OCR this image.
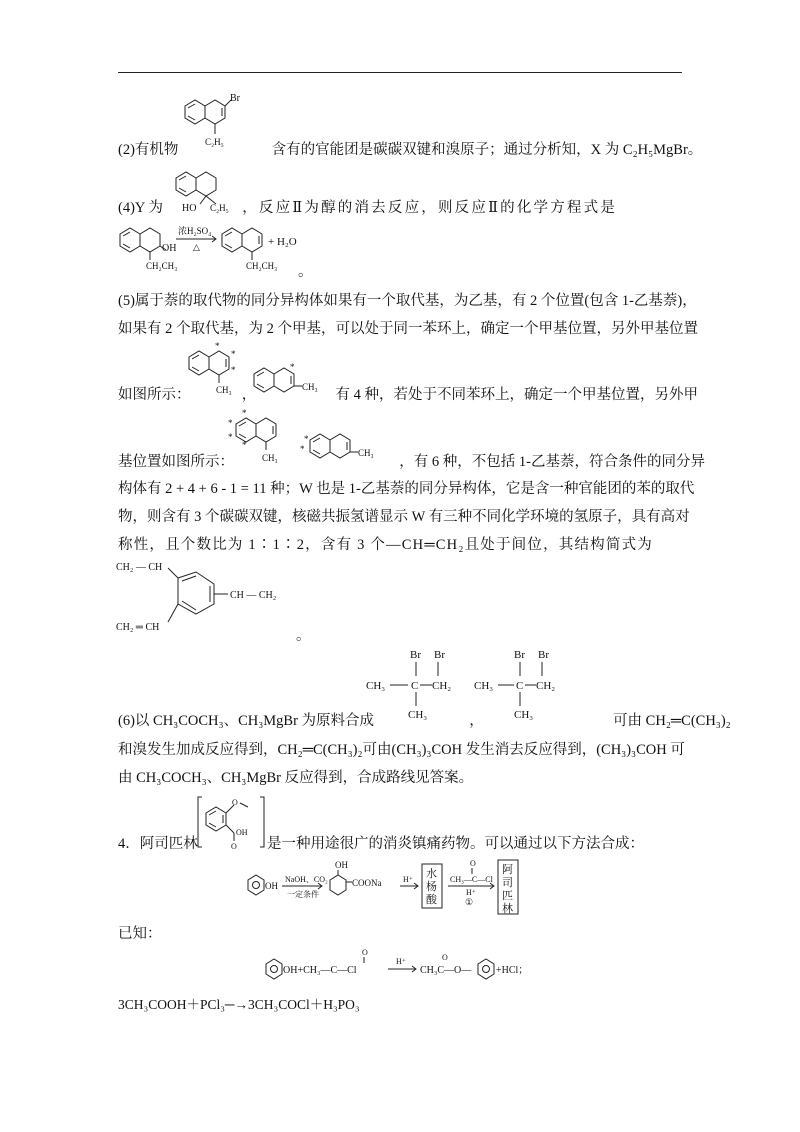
Br
C₂H₅
(2)有机物	含有的官能团是碳碳双键和溴原子；通过分析知，X 为 C₂H₅MgBr。
HO C₂H₅
(4)Y 为	，反应Ⅱ为醇的消去反应，则反应Ⅱ的化学方程式是
OH
CH₂CH₃
浓H₂SO₄
△
CH₂CH₃
+ H₂O
。
(5)属于萘的取代物的同分异构体如果有一个取代基，为乙基，有 2 个位置(包含 1-乙基萘)，
如果有 2 个取代基，为 2 个甲基，可以处于同一苯环上，确定一个甲基位置，另外甲基位置
*
*
*
CH₃
*
CH₃
如图所示：	，	有 4 种，若处于不同苯环上，确定一个甲基位置，另外甲
*
*
*
*
CH₃
*
*	CH₃
基位置如图所示：	，有 6 种，不包括 1-乙基萘，符合条件的同分异
构体有 2 + 4 + 6 - 1 = 11 种；W 也是 1-乙基萘的同分异构体，它是含一种官能团的苯的取代
物，则含有 3 个碳碳双键，核磁共振氢谱显示 W 有三种不同化学环境的氢原子，具有高对
称性，且个数比为 1∶1∶2，含有 3 个—CH═CH₂且处于间位，其结构简式为
CH₂ — CH
CH — CH₂
CH₂ ═ CH
。
Br Br
CH₃ C CH₂
CH₃
Br Br
CH₃ C CH₂
CH₃
(6)以 CH₃COCH₃、CH₃MgBr 为原料合成	，	可由 CH₂═C(CH₃)₂
和溴发生加成反应得到，CH₂═C(CH₃)₂可由(CH₃)₃COH 发生消去反应得到，(CH₃)₃COH 可
由 CH₃COCH₃、CH₃MgBr 反应得到，合成路线见答案。
O
OH
O
4．阿司匹林	是一种用途很广的消炎镇痛药物。可以通过以下方法合成：
OH
NaOH、CO₂
一定条件
OH
COONa	H⁺ 水
杨
酸
O
CH₃—C—Cl
H⁺
①
阿
司
匹
林
已知：
OH+CH₃—C—Cl
O
H⁺
CH₃C—O—
O
+HCl；
3CH₃COOH＋PCl₃─→3CH₃COCl＋H₃PO₃
